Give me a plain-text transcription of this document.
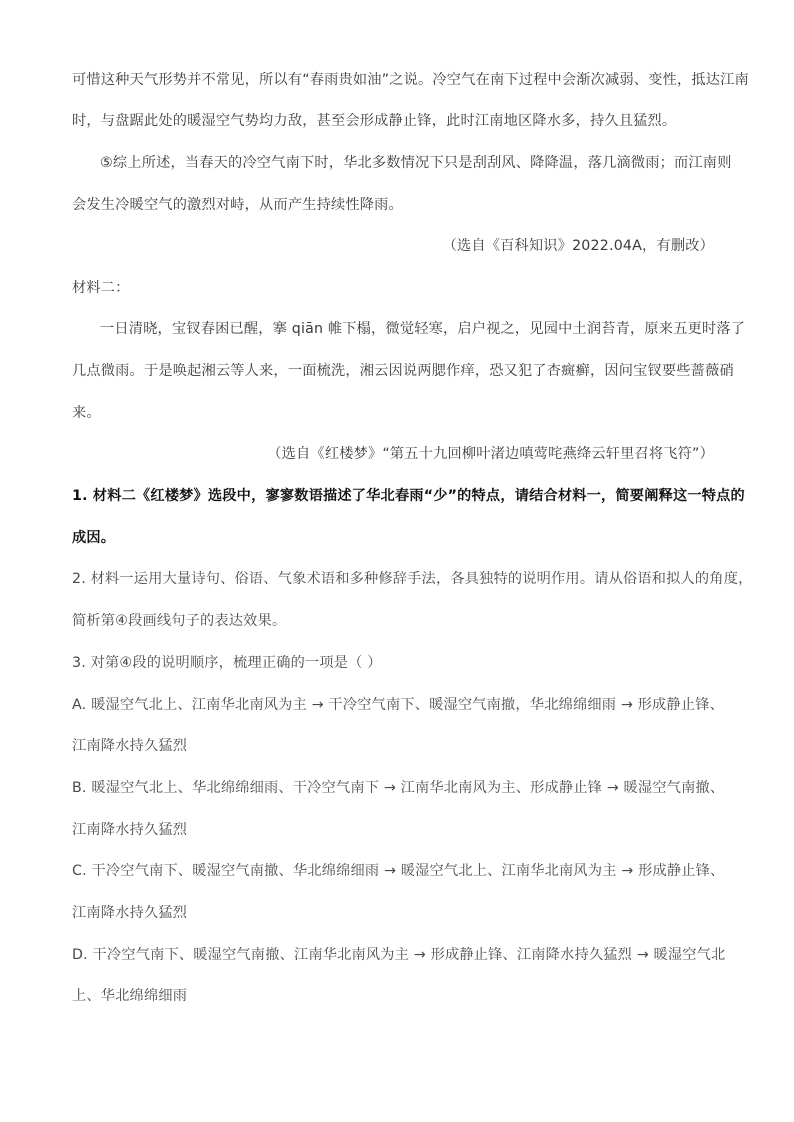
可惜这种天气形势并不常见，所以有“春雨贵如油”之说。冷空气在南下过程中会渐次减弱、变性，抵达江南
时，与盘踞此处的暖湿空气势均力敌，甚至会形成静止锋，此时江南地区降水多，持久且猛烈。
⑤综上所述，当春天的冷空气南下时，华北多数情况下只是刮刮风、降降温，落几滴微雨；而江南则
会发生冷暖空气的激烈对峙，从而产生持续性降雨。
（选自《百科知识》2022.04A，有删改）
材料二：
一日清晓，宝钗春困已醒，搴 qiān 帷下榻，微觉轻寒，启户视之，见园中土润苔青，原来五更时落了
几点微雨。于是唤起湘云等人来，一面梳洗，湘云因说两腮作痒，恐又犯了杏癍癣，因问宝钗要些蔷薇硝
来。
（选自《红楼梦》“第五十九回柳叶渚边嗔莺咤燕绛云轩里召将飞符”）
1. 材料二《红楼梦》选段中，寥寥数语描述了华北春雨“少”的特点，请结合材料一，简要阐释这一特点的
成因。
2. 材料一运用大量诗句、俗语、气象术语和多种修辞手法，各具独特的说明作用。请从俗语和拟人的角度，
简析第④段画线句子的表达效果。
3. 对第④段的说明顺序，梳理正确的一项是（ ）
A. 暖湿空气北上、江南华北南风为主 → 干冷空气南下、暖湿空气南撤，华北绵绵细雨 → 形成静止锋、
江南降水持久猛烈
B. 暖湿空气北上、华北绵绵细雨、干冷空气南下 → 江南华北南风为主、形成静止锋 → 暖湿空气南撤、
江南降水持久猛烈
C. 干冷空气南下、暖湿空气南撤、华北绵绵细雨 → 暖湿空气北上、江南华北南风为主 → 形成静止锋、
江南降水持久猛烈
D. 干冷空气南下、暖湿空气南撤、江南华北南风为主 → 形成静止锋、江南降水持久猛烈 → 暖湿空气北
上、华北绵绵细雨
